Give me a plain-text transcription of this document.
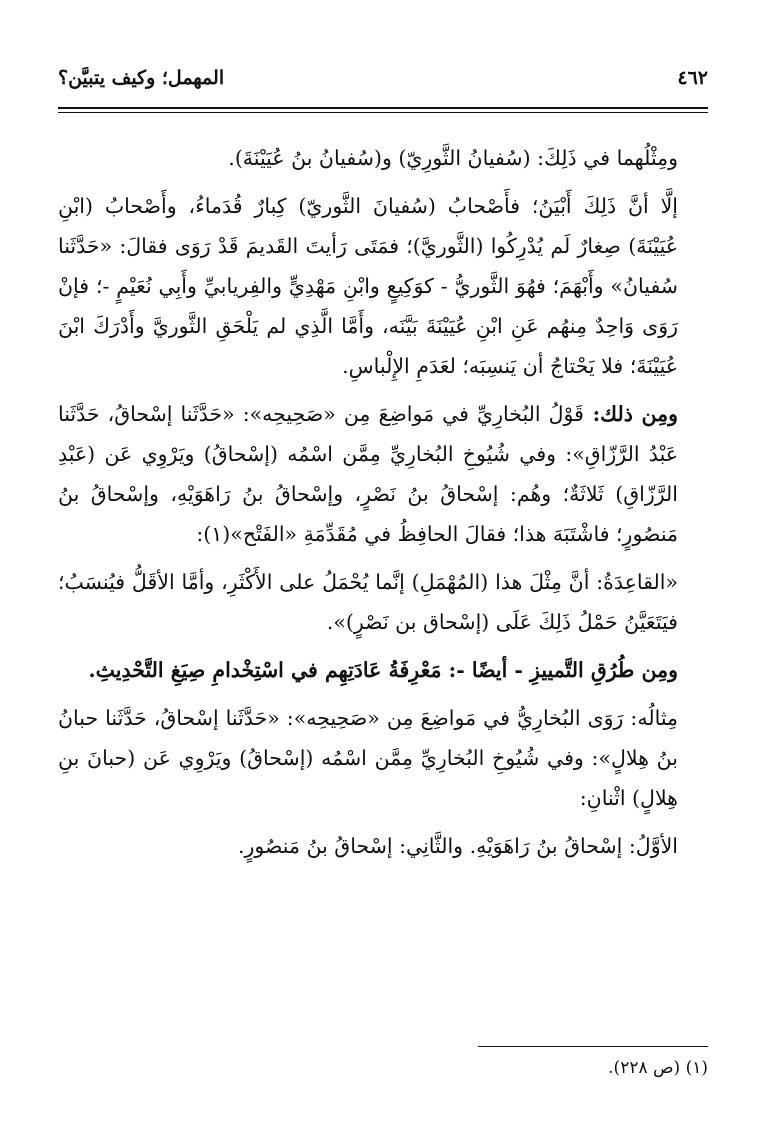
٤٦٢
المهمل؛ وكيف يتبيَّن؟

ومِثْلُهما في ذَلِكَ: (سُفيانُ الثَّورِيّ) و(سُفيانُ بنُ عُيَيْنَةَ).

إلَّا أنَّ ذَلِكَ أَبْيَنُ؛ فأَصْحابُ (سُفيانَ الثَّوريّ) كِبارٌ قُدَماءُ، وأَصْحابُ (ابْنِ عُيَيْنَةَ) صِغارٌ لَم يُدْرِكُوا (الثَّوريَّ)؛ فمَتَى رَأيتَ القَديمَ قَدْ رَوَى فقالَ: «حَدَّثَنا سُفيانُ» وأَبْهَمَ؛ فهُوَ الثَّوريُّ - كوَكِيعٍ وابْنِ مَهْدِيٍّ والفِريابيِّ وأَبِي نُعَيْمٍ -؛ فإنْ رَوَى وَاحِدٌ مِنهُم عَنِ ابْنِ عُيَيْنَةَ بَيَّنَه، وأَمَّا الَّذِي لم يَلْحَقِ الثَّوريَّ وأَدْرَكَ ابْنَ عُيَيْنَةَ؛ فلا يَحْتاجُ أن يَنسِبَه؛ لعَدَمِ الإِلْباسِ.

ومِن ذلك: قَوْلُ البُخارِيِّ في مَواضِعَ مِن «صَحِيحِه»: «حَدَّثَنا إسْحاقُ، حَدَّثَنا عَبْدُ الرَّزّاقِ»: وفي شُيُوخِ البُخارِيِّ مِمَّن اسْمُه (إسْحاقُ) ويَرْوِي عَن (عَبْدِ الرَّزّاقِ) ثَلاثَةٌ؛ وهُم: إسْحاقُ بنُ نَصْرٍ، وإسْحاقُ بنُ رَاهَوَيْهِ، وإسْحاقُ بنُ مَنصُورٍ؛ فاشْتَبَهَ هذا؛ فقالَ الحافِظُ في مُقَدِّمَةِ «الفَتْح»(١):

«القاعِدَةُ: أنَّ مِثْلَ هذا (المُهْمَلِ) إنَّما يُحْمَلُ على الأَكْثَرِ، وأمَّا الأقَلُّ فيُنسَبُ؛ فيَتَعَيَّنُ حَمْلُ ذَلِكَ عَلَى (إسْحاق بن نَصْرٍ)».

ومِن طُرُقِ التَّمييزِ - أيضًا -: مَعْرِفَةُ عَادَتِهِم في اسْتِخْدامِ صِيَغِ التَّحْدِيثِ.

مِثالُه: رَوَى البُخارِيُّ في مَواضِعَ مِن «صَحِيحِه»: «حَدَّثَنا إسْحاقُ، حَدَّثَنا حبانُ بنُ هِلالٍ»: وفي شُيُوخِ البُخارِيِّ مِمَّن اسْمُه (إسْحاقُ) ويَرْوِي عَن (حبانَ بنِ هِلالٍ) اثْنانِ:

الأوَّلُ: إسْحاقُ بنُ رَاهَوَيْهِ. والثَّانِي: إسْحاقُ بنُ مَنصُورٍ.

(١) (ص ٢٢٨).
